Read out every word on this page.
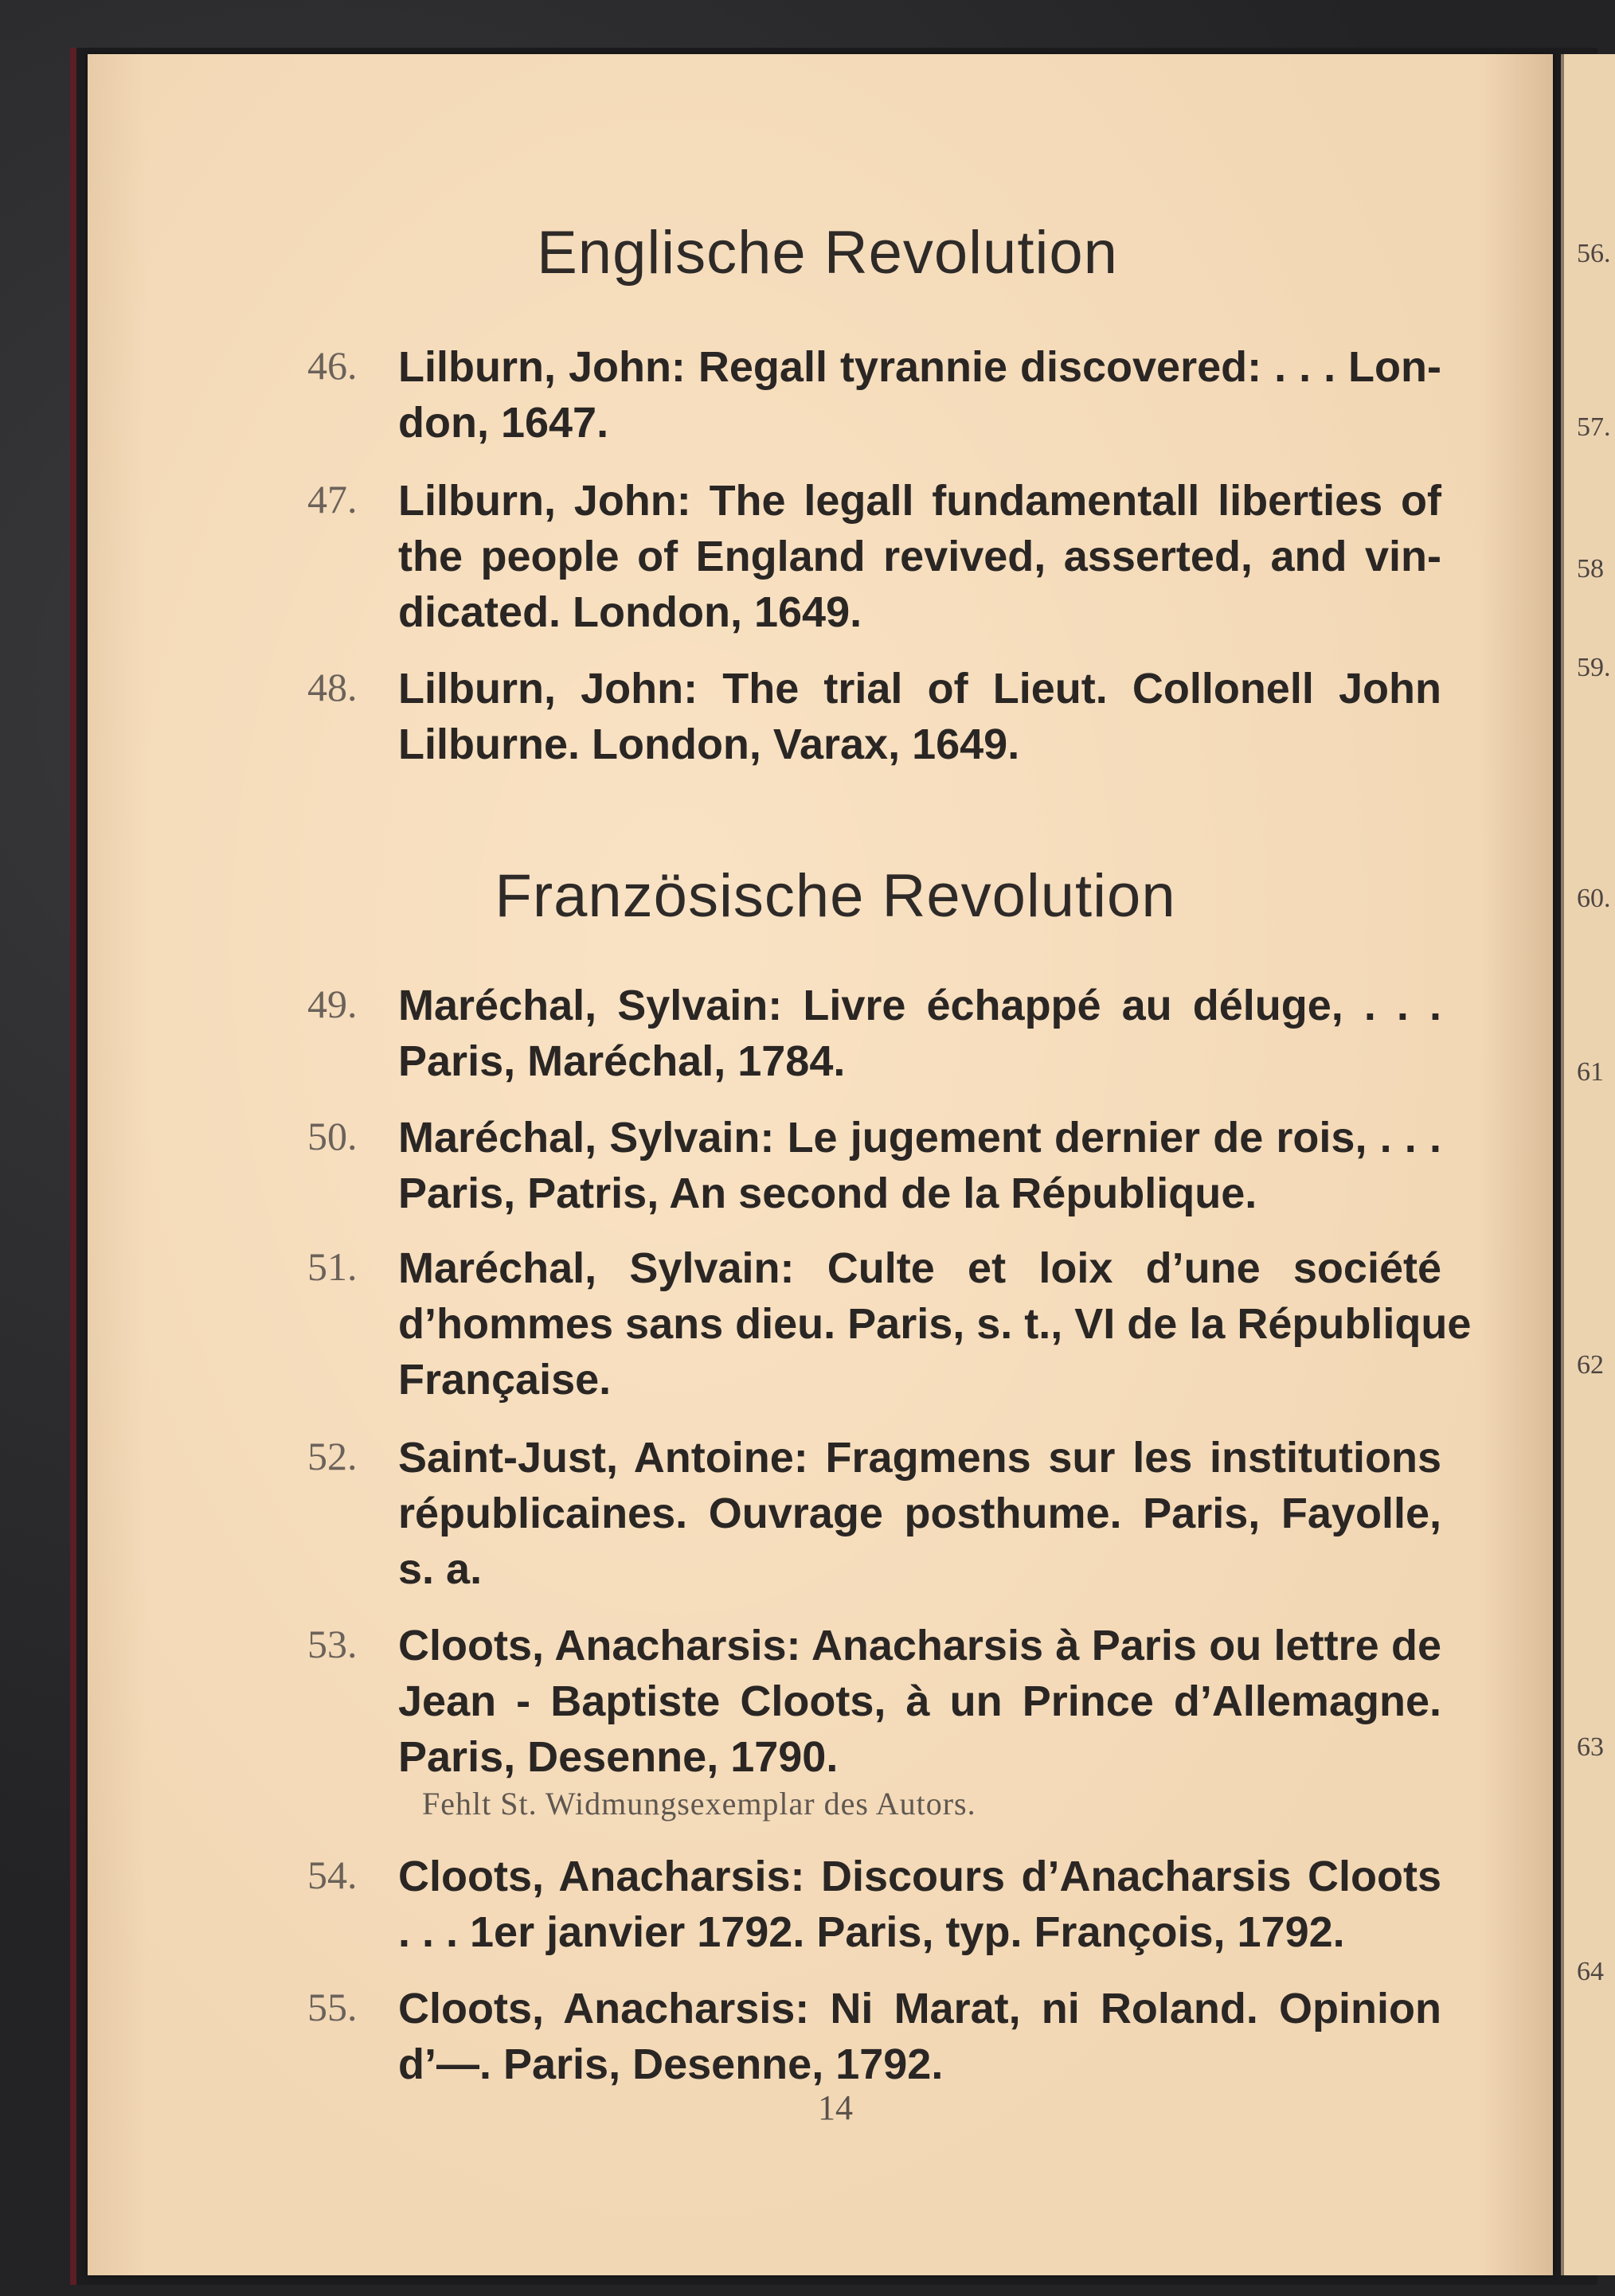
56.
57.
58
59.
60.
61
62
63
64
Englische Revolution
46. Lilburn, John: Regall tyrannie discovered: . . . Lon-
don, 1647.
47. Lilburn, John: The legall fundamentall liberties of
the people of England revived, asserted, and vin-
dicated. London, 1649.
48. Lilburn, John: The trial of Lieut. Collonell John
Lilburne. London, Varax, 1649.
Französische Revolution
49. Maréchal, Sylvain: Livre échappé au déluge, . . .
Paris, Maréchal, 1784.
50. Maréchal, Sylvain: Le jugement dernier de rois, . . .
Paris, Patris, An second de la République.
51. Maréchal, Sylvain: Culte et loix d’une société
d’hommes sans dieu. Paris, s. t., VI de la République
Française.
52. Saint-Just, Antoine: Fragmens sur les institutions
républicaines. Ouvrage posthume. Paris, Fayolle,
s. a.
53. Cloots, Anacharsis: Anacharsis à Paris ou lettre de
Jean - Baptiste Cloots, à un Prince d’Allemagne.
Paris, Desenne, 1790.
Fehlt St. Widmungsexemplar des Autors.
54. Cloots, Anacharsis: Discours d’Anacharsis Cloots
. . . 1er janvier 1792. Paris, typ. François, 1792.
55. Cloots, Anacharsis: Ni Marat, ni Roland. Opinion
d’—. Paris, Desenne, 1792.
14
